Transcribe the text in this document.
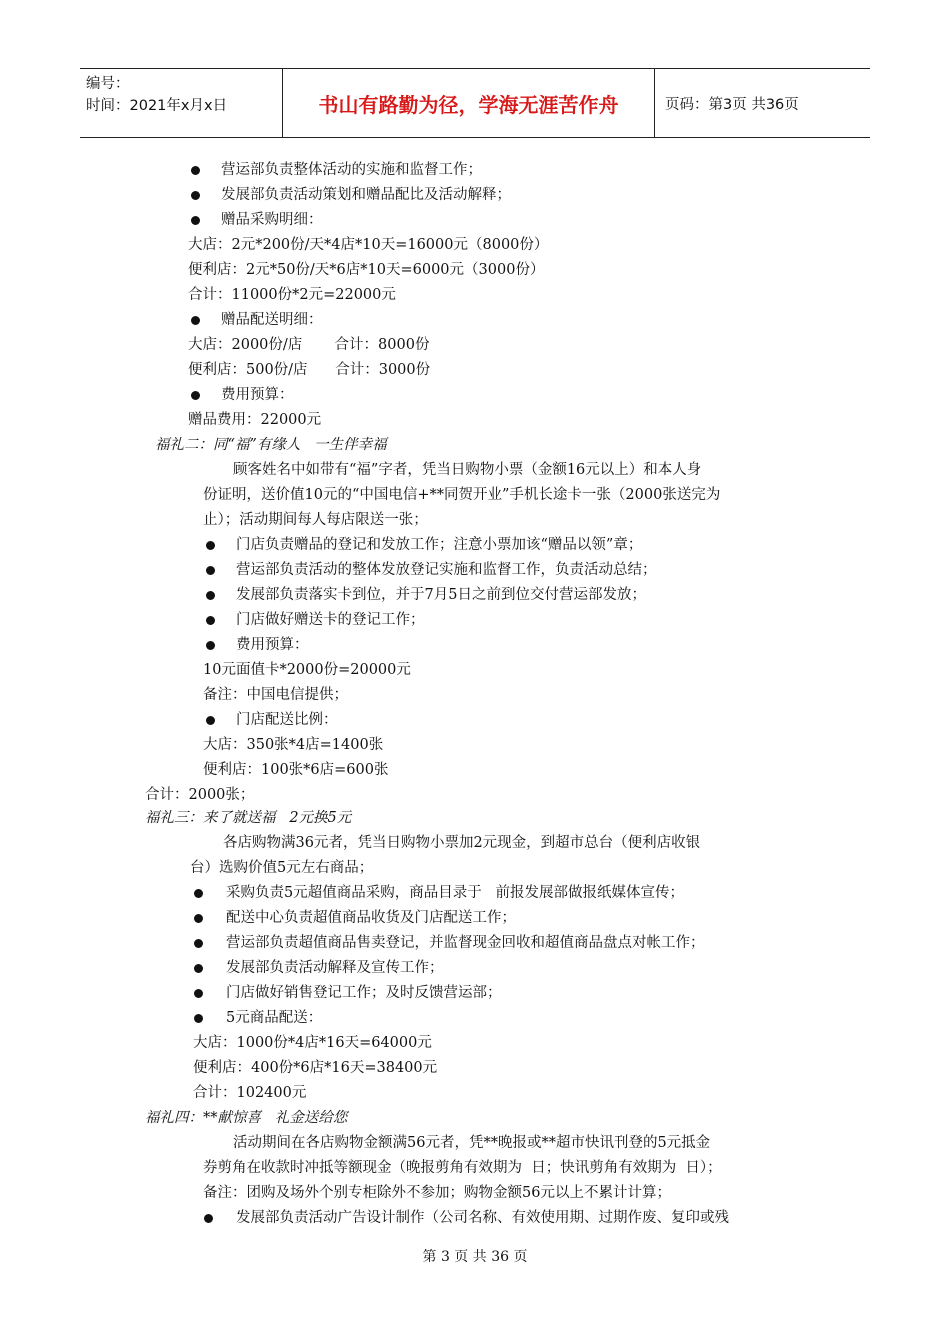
编号：
时间：2021年x月x日	书山有路勤为径，学海无涯苦作舟	页码：第3页 共36页
营运部负责整体活动的实施和监督工作；
发展部负责活动策划和赠品配比及活动解释；
赠品采购明细：
大店：2元*200份/天*4店*10天=16000元（8000份）
便利店：2元*50份/天*6店*10天=6000元（3000份）
合计：11000份*2元=22000元
赠品配送明细：
大店：2000份/店       合计：8000份
便利店：500份/店      合计：3000份
费用预算：
赠品费用：22000元
福礼二：同“福”有缘人   一生伴幸福
顾客姓名中如带有“福”字者，凭当日购物小票（金额16元以上）和本人身
份证明，送价值10元的“中国电信+**同贺开业”手机长途卡一张（2000张送完为
止）；活动期间每人每店限送一张；
门店负责赠品的登记和发放工作；注意小票加该“赠品以领”章；
营运部负责活动的整体发放登记实施和监督工作，负责活动总结；
发展部负责落实卡到位，并于7月5日之前到位交付营运部发放；
门店做好赠送卡的登记工作；
费用预算：
10元面值卡*2000份=20000元
备注：中国电信提供；
门店配送比例：
大店：350张*4店=1400张
便利店：100张*6店=600张
合计：2000张；
福礼三：来了就送福   2元换5元
各店购物满36元者，凭当日购物小票加2元现金，到超市总台（便利店收银
台）选购价值5元左右商品；
采购负责5元超值商品采购，商品目录于   前报发展部做报纸媒体宣传；
配送中心负责超值商品收货及门店配送工作；
营运部负责超值商品售卖登记，并监督现金回收和超值商品盘点对帐工作；
发展部负责活动解释及宣传工作；
门店做好销售登记工作；及时反馈营运部；
5元商品配送：
大店：1000份*4店*16天=64000元
便利店：400份*6店*16天=38400元
合计：102400元
福礼四：**献惊喜   礼金送给您
活动期间在各店购物金额满56元者，凭**晚报或**超市快讯刊登的5元抵金
券剪角在收款时冲抵等额现金（晚报剪角有效期为  日；快讯剪角有效期为  日）；
备注：团购及场外个别专柜除外不参加；购物金额56元以上不累计计算；
发展部负责活动广告设计制作（公司名称、有效使用期、过期作废、复印或残
第 3 页 共 36 页
